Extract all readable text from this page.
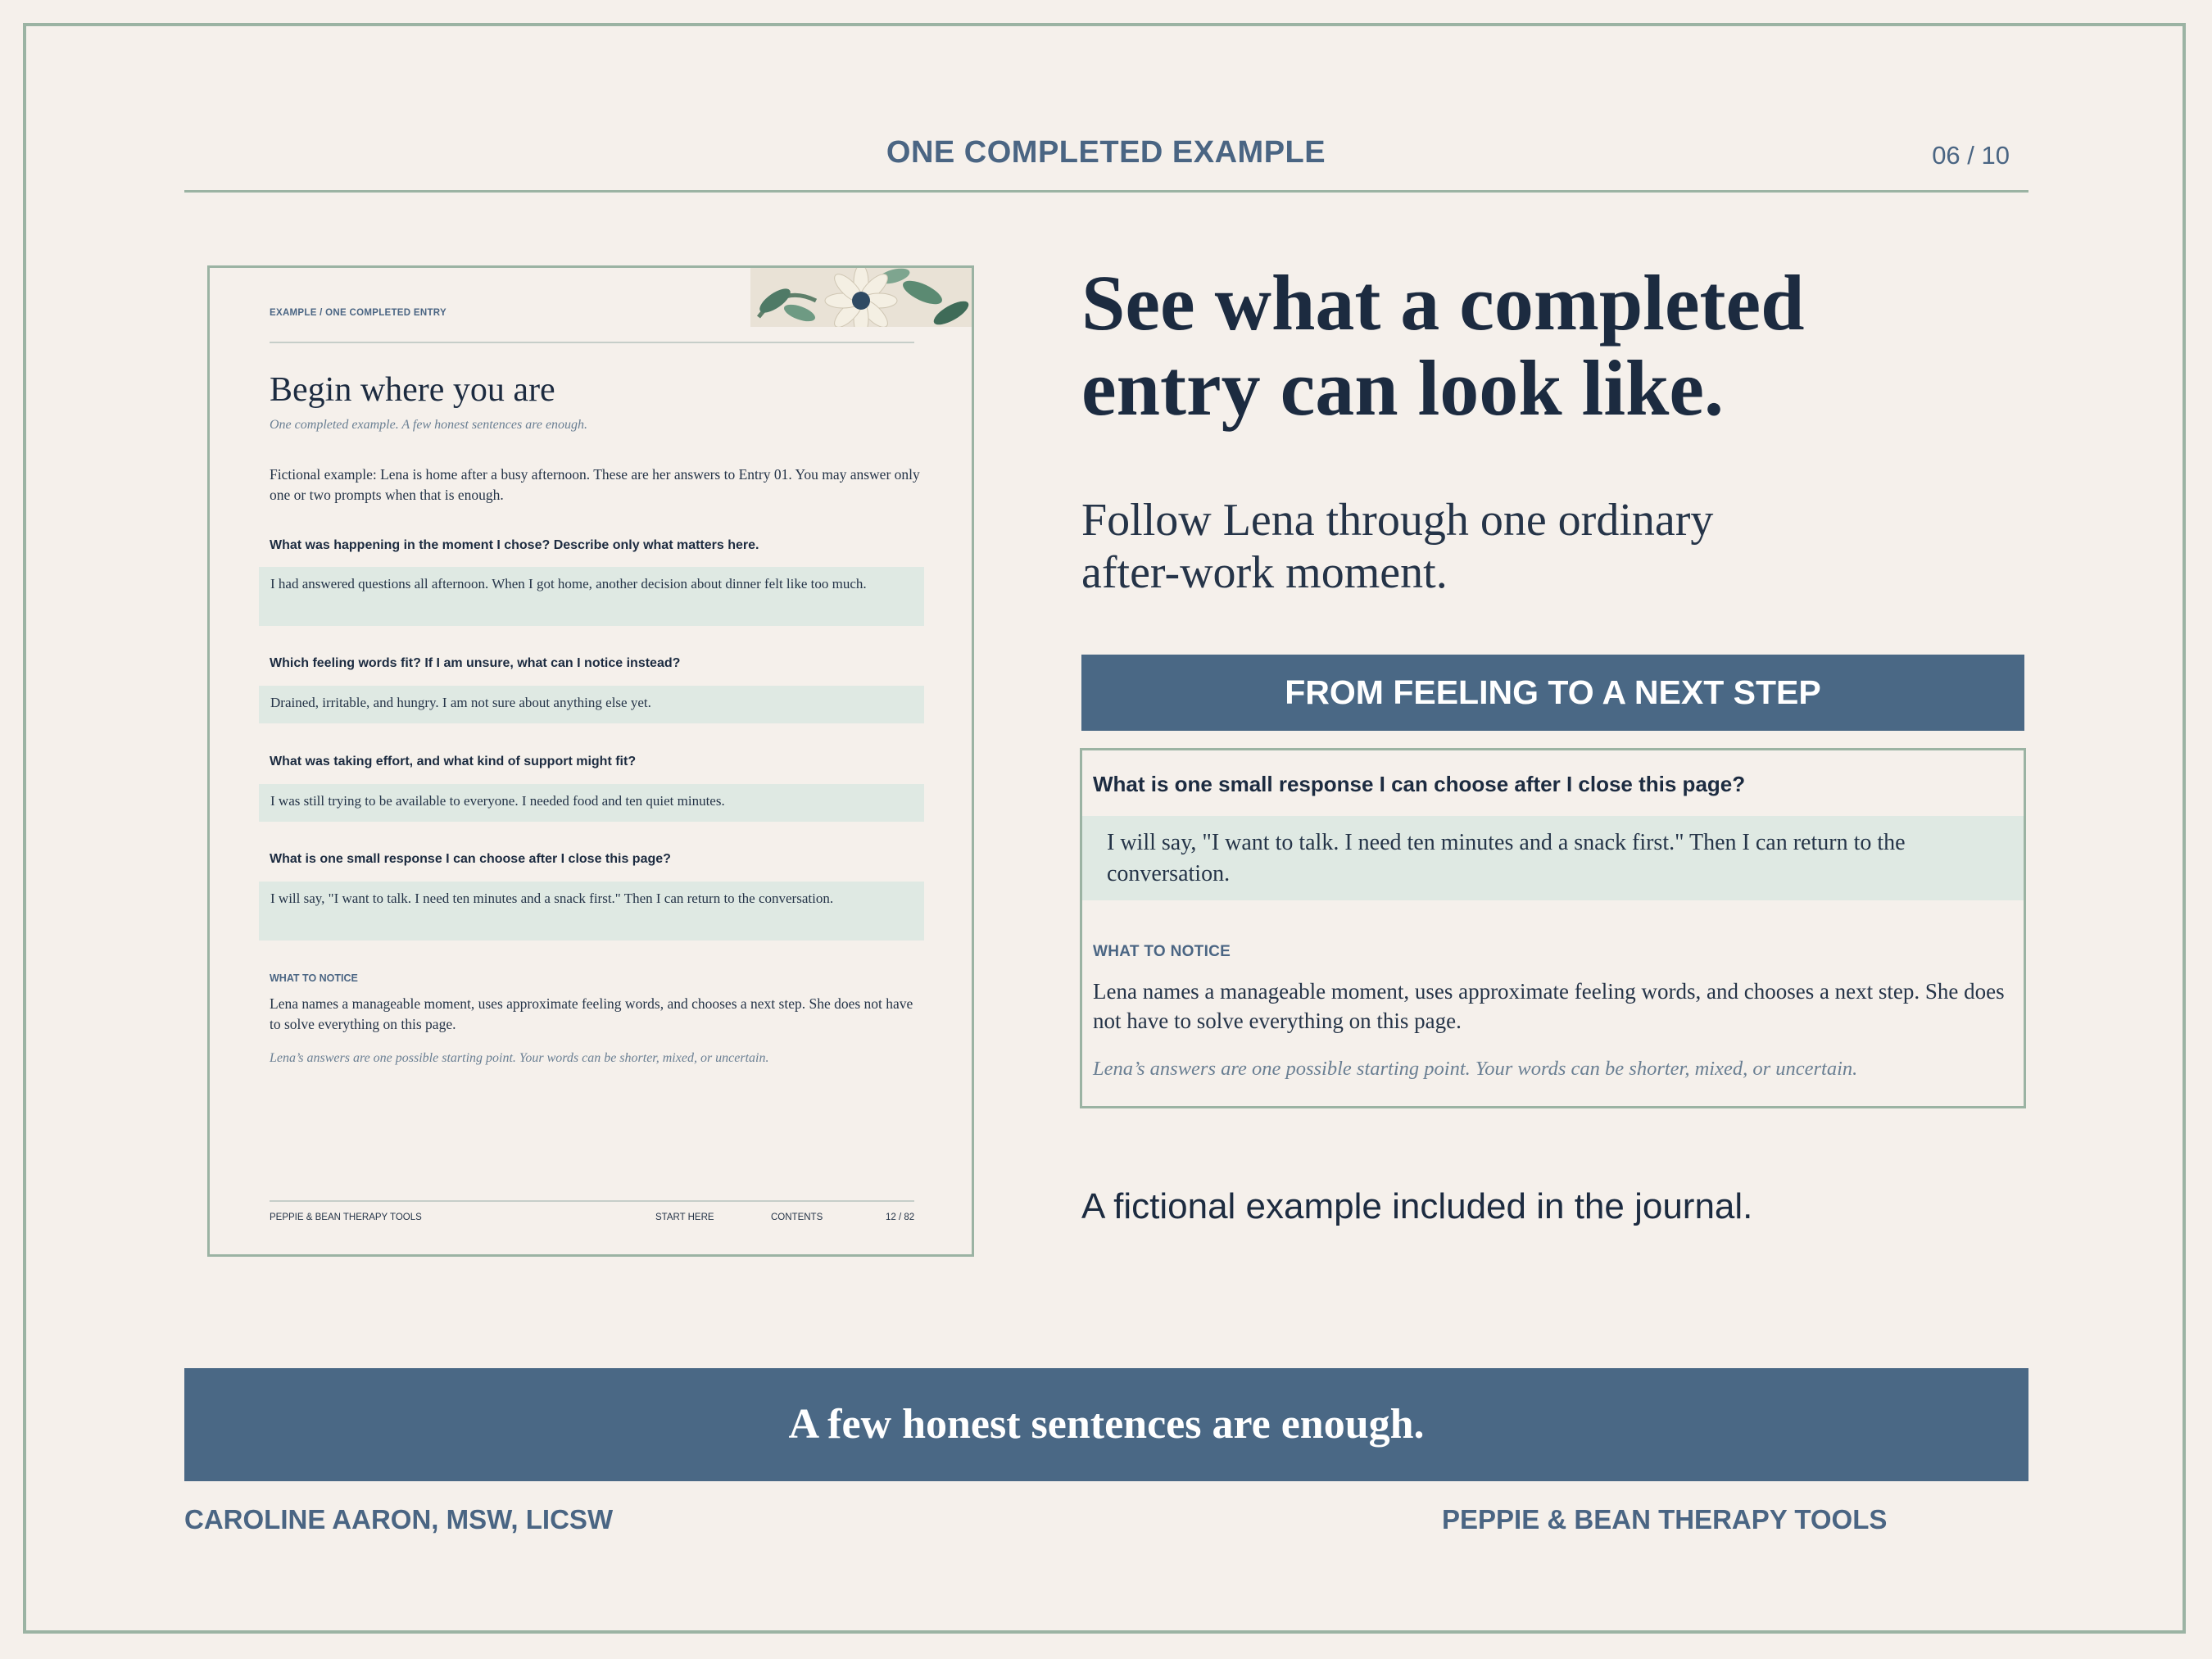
ONE COMPLETED EXAMPLE	06 / 10
EXAMPLE / ONE COMPLETED ENTRY
Begin where you are
One completed example. A few honest sentences are enough.
Fictional example: Lena is home after a busy afternoon. These are her answers to Entry 01. You may answer only one or two prompts when that is enough.
What was happening in the moment I chose? Describe only what matters here.
I had answered questions all afternoon. When I got home, another decision about dinner felt like too much.
Which feeling words fit? If I am unsure, what can I notice instead?
Drained, irritable, and hungry. I am not sure about anything else yet.
What was taking effort, and what kind of support might fit?
I was still trying to be available to everyone. I needed food and ten quiet minutes.
What is one small response I can choose after I close this page?
I will say, "I want to talk. I need ten minutes and a snack first." Then I can return to the conversation.
WHAT TO NOTICE
Lena names a manageable moment, uses approximate feeling words, and chooses a next step. She does not have to solve everything on this page.
Lena’s answers are one possible starting point. Your words can be shorter, mixed, or uncertain.
PEPPIE & BEAN THERAPY TOOLS	START HERE	CONTENTS	12 / 82
See what a completed
entry can look like.
Follow Lena through one ordinary
after-work moment.
FROM FEELING TO A NEXT STEP
What is one small response I can choose after I close this page?
I will say, "I want to talk. I need ten minutes and a snack first." Then I can return to the conversation.
WHAT TO NOTICE
Lena names a manageable moment, uses approximate feeling words, and chooses a next step. She does not have to solve everything on this page.
Lena’s answers are one possible starting point. Your words can be shorter, mixed, or uncertain.
A fictional example included in the journal.
A few honest sentences are enough.
CAROLINE AARON, MSW, LICSW	PEPPIE & BEAN THERAPY TOOLS
